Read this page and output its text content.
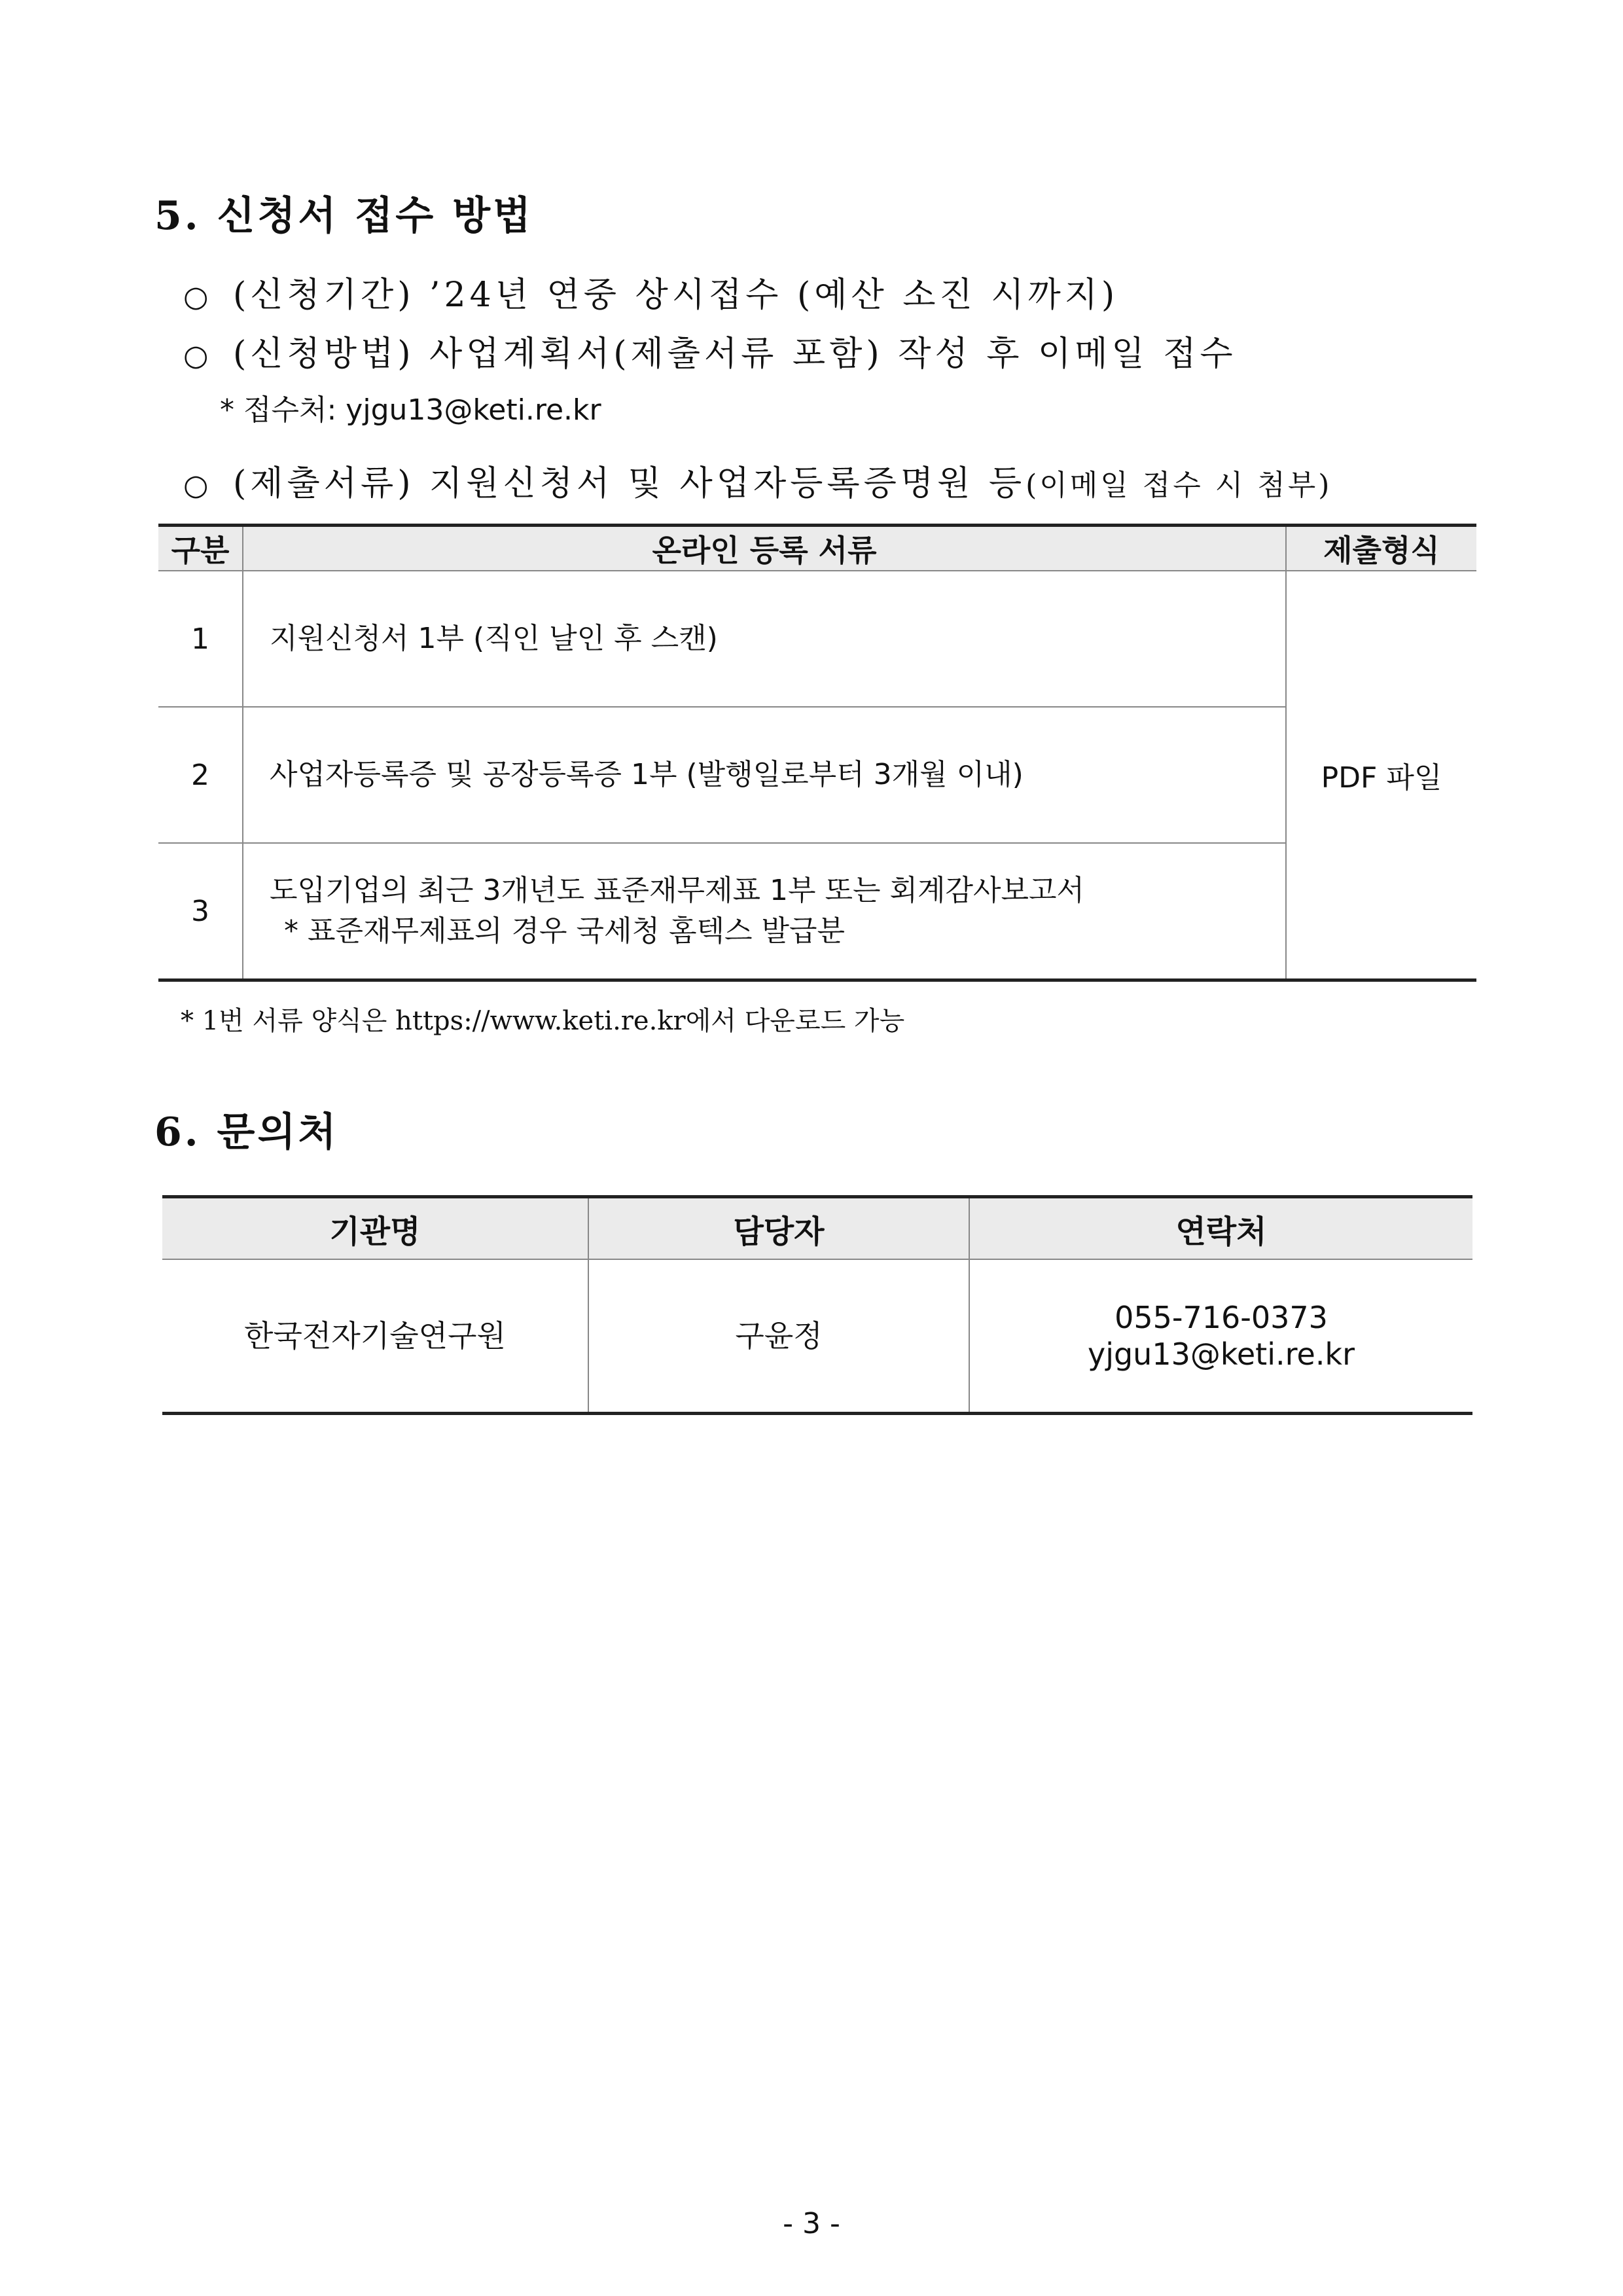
5. 신청서 접수 방법
○ (신청기간) ’24년 연중 상시접수 (예산 소진 시까지)
○ (신청방법) 사업계획서(제출서류 포함) 작성 후 이메일 접수
* 접수처: yjgu13@keti.re.kr
○ (제출서류) 지원신청서 및 사업자등록증명원 등(이메일 접수 시 첨부)
구분	온라인 등록 서류	제출형식
1	지원신청서 1부 (직인 날인 후 스캔)	PDF 파일
2	사업자등록증 및 공장등록증 1부 (발행일로부터 3개월 이내)	
3	도입기업의 최근 3개년도 표준재무제표 1부 또는 회계감사보고서
* 표준재무제표의 경우 국세청 홈텍스 발급분	
* 1번 서류 양식은 https://www.keti.re.kr에서 다운로드 가능
6. 문의처
기관명	담당자	연락처
한국전자기술연구원	구윤정	055-716-0373
yjgu13@keti.re.kr
- 3 -
